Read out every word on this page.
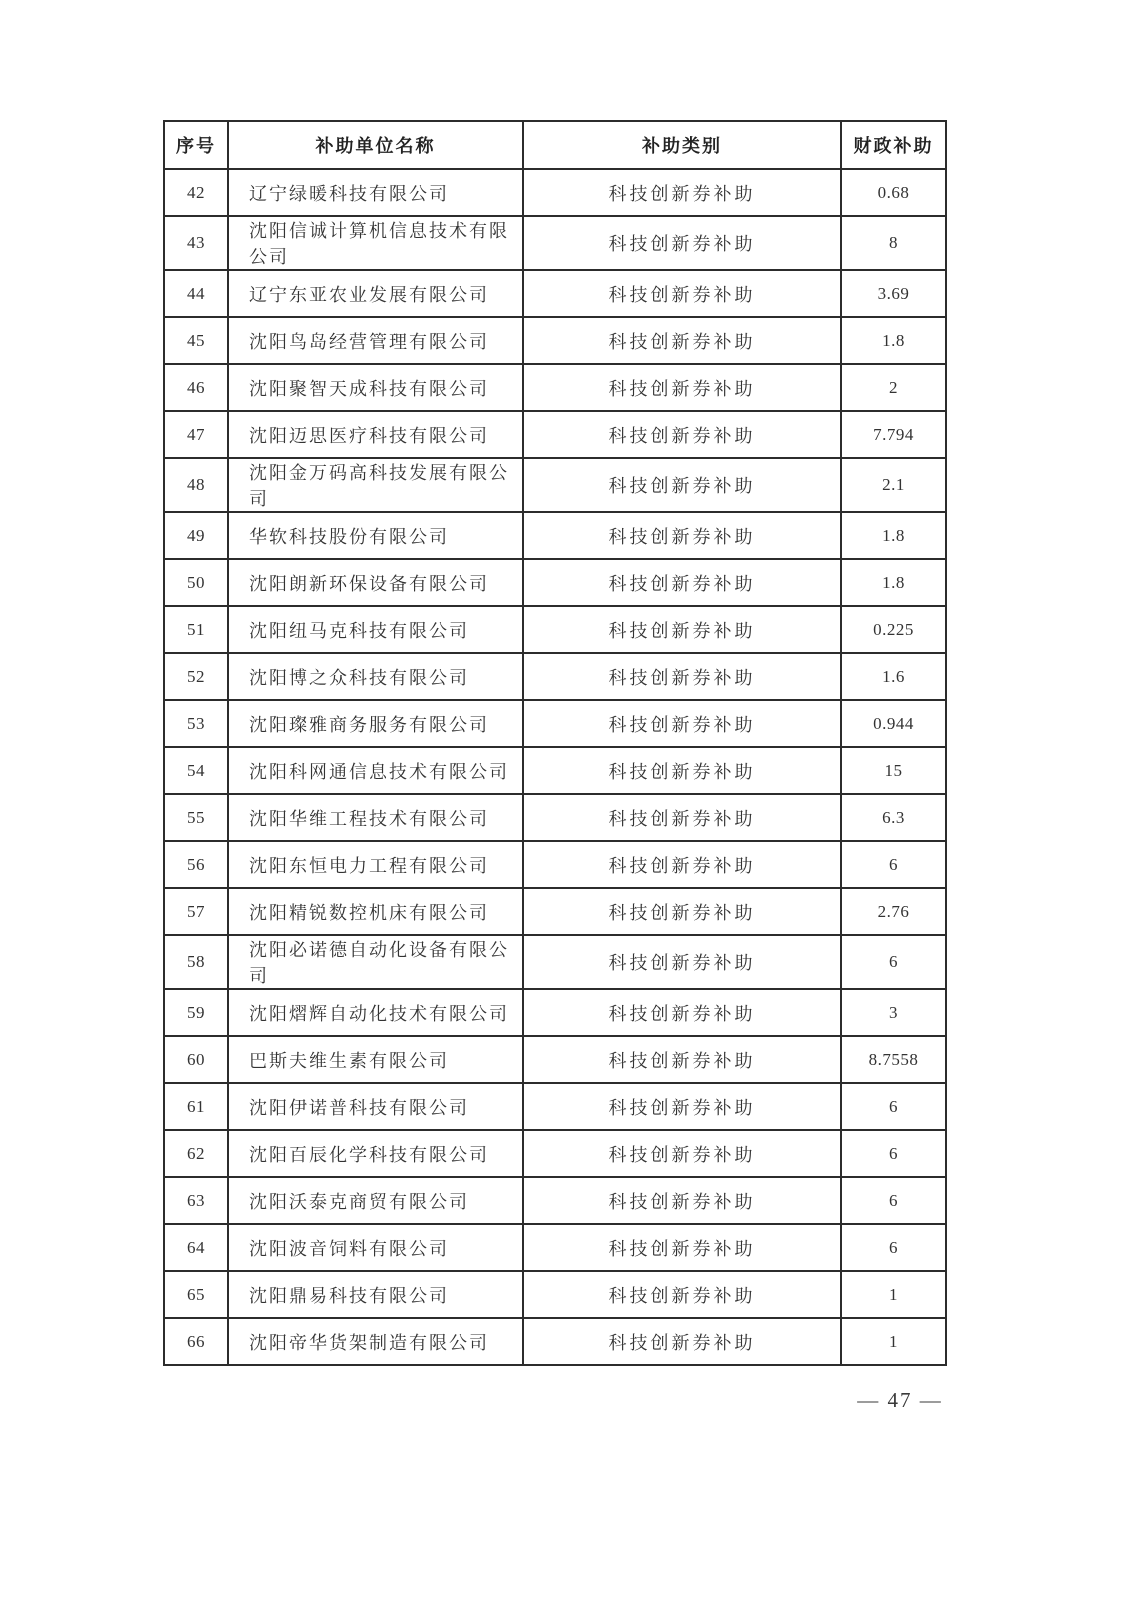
序号	补助单位名称	补助类别	财政补助
42	辽宁绿暖科技有限公司	科技创新券补助	0.68
43	沈阳信诚计算机信息技术有限公司	科技创新券补助	8
44	辽宁东亚农业发展有限公司	科技创新券补助	3.69
45	沈阳鸟岛经营管理有限公司	科技创新券补助	1.8
46	沈阳聚智天成科技有限公司	科技创新券补助	2
47	沈阳迈思医疗科技有限公司	科技创新券补助	7.794
48	沈阳金万码高科技发展有限公司	科技创新券补助	2.1
49	华软科技股份有限公司	科技创新券补助	1.8
50	沈阳朗新环保设备有限公司	科技创新券补助	1.8
51	沈阳纽马克科技有限公司	科技创新券补助	0.225
52	沈阳博之众科技有限公司	科技创新券补助	1.6
53	沈阳璨雅商务服务有限公司	科技创新券补助	0.944
54	沈阳科网通信息技术有限公司	科技创新券补助	15
55	沈阳华维工程技术有限公司	科技创新券补助	6.3
56	沈阳东恒电力工程有限公司	科技创新券补助	6
57	沈阳精锐数控机床有限公司	科技创新券补助	2.76
58	沈阳必诺德自动化设备有限公司	科技创新券补助	6
59	沈阳熠辉自动化技术有限公司	科技创新券补助	3
60	巴斯夫维生素有限公司	科技创新券补助	8.7558
61	沈阳伊诺普科技有限公司	科技创新券补助	6
62	沈阳百辰化学科技有限公司	科技创新券补助	6
63	沈阳沃泰克商贸有限公司	科技创新券补助	6
64	沈阳波音饲料有限公司	科技创新券补助	6
65	沈阳鼎易科技有限公司	科技创新券补助	1
66	沈阳帝华货架制造有限公司	科技创新券补助	1
— 47 —
